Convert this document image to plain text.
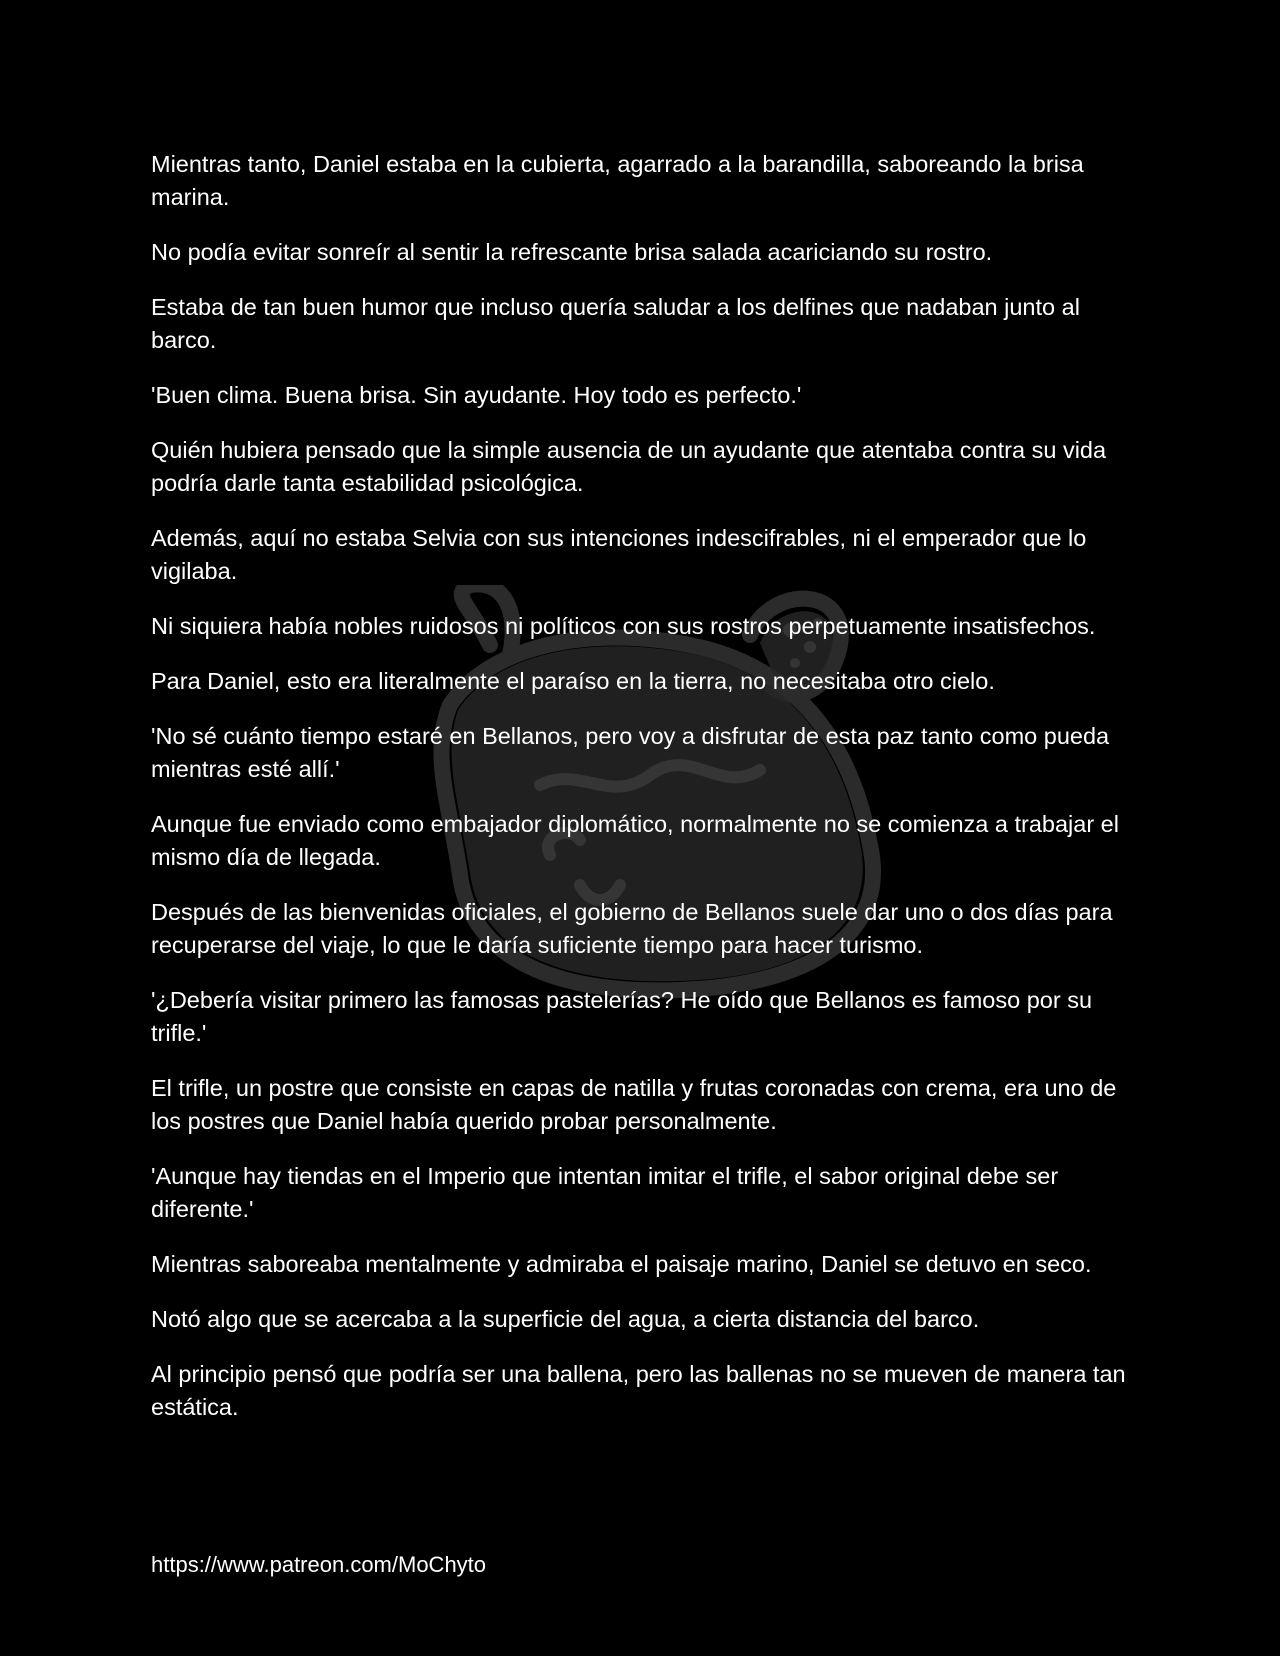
Mientras tanto, Daniel estaba en la cubierta, agarrado a la barandilla, saboreando la brisa marina.

No podía evitar sonreír al sentir la refrescante brisa salada acariciando su rostro.

Estaba de tan buen humor que incluso quería saludar a los delfines que nadaban junto al barco.

'Buen clima. Buena brisa. Sin ayudante. Hoy todo es perfecto.'

Quién hubiera pensado que la simple ausencia de un ayudante que atentaba contra su vida podría darle tanta estabilidad psicológica.

Además, aquí no estaba Selvia con sus intenciones indescifrables, ni el emperador que lo vigilaba.

Ni siquiera había nobles ruidosos ni políticos con sus rostros perpetuamente insatisfechos.

Para Daniel, esto era literalmente el paraíso en la tierra, no necesitaba otro cielo.

'No sé cuánto tiempo estaré en Bellanos, pero voy a disfrutar de esta paz tanto como pueda mientras esté allí.'

Aunque fue enviado como embajador diplomático, normalmente no se comienza a trabajar el mismo día de llegada.

Después de las bienvenidas oficiales, el gobierno de Bellanos suele dar uno o dos días para recuperarse del viaje, lo que le daría suficiente tiempo para hacer turismo.

'¿Debería visitar primero las famosas pastelerías? He oído que Bellanos es famoso por su trifle.'

El trifle, un postre que consiste en capas de natilla y frutas coronadas con crema, era uno de los postres que Daniel había querido probar personalmente.

'Aunque hay tiendas en el Imperio que intentan imitar el trifle, el sabor original debe ser diferente.'

Mientras saboreaba mentalmente y admiraba el paisaje marino, Daniel se detuvo en seco.

Notó algo que se acercaba a la superficie del agua, a cierta distancia del barco.

Al principio pensó que podría ser una ballena, pero las ballenas no se mueven de manera tan estática.

https://www.patreon.com/MoChyto
